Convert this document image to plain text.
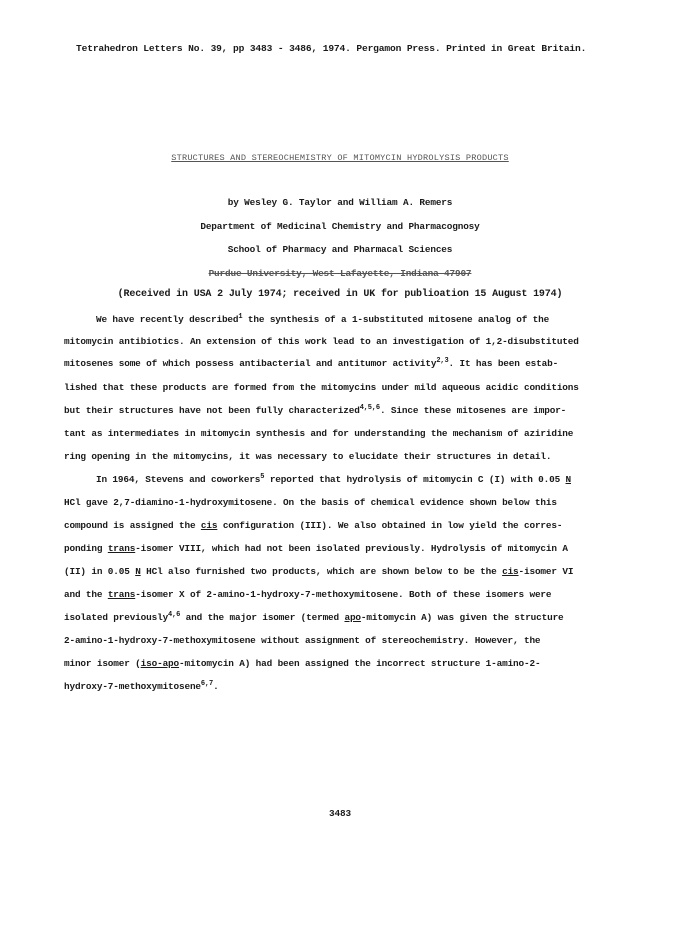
Tetrahedron Letters No. 39, pp 3483 - 3486, 1974. Pergamon Press. Printed in Great Britain.
STRUCTURES AND STEREOCHEMISTRY OF MITOMYCIN HYDROLYSIS PRODUCTS
by Wesley G. Taylor and William A. Remers
Department of Medicinal Chemistry and Pharmacognosy
School of Pharmacy and Pharmacal Sciences
Purdue University, West Lafayette, Indiana 47907
(Received in USA 2 July 1974; received in UK for publioation 15 August 1974)
We have recently described$^1$ the synthesis of a 1-substituted mitosene analog of the
mitomycin antibiotics. An extension of this work lead to an investigation of 1,2-disubstituted
mitosenes some of which possess antibacterial and antitumor activity$^{2,3}$. It has been estab-
lished that these products are formed from the mitomycins under mild aqueous acidic conditions
but their structures have not been fully characterized$^{4,5,6}$. Since these mitosenes are impor-
tant as intermediates in mitomycin synthesis and for understanding the mechanism of aziridine
ring opening in the mitomycins, it was necessary to elucidate their structures in detail.
In 1964, Stevens and coworkers$^5$ reported that hydrolysis of mitomycin C (I) with 0.05 N
HCl gave 2,7-diamino-1-hydroxymitosene. On the basis of chemical evidence shown below this
compound is assigned the cis configuration (III). We also obtained in low yield the corres-
ponding trans-isomer VIII, which had not been isolated previously. Hydrolysis of mitomycin A
(II) in 0.05 N HCl also furnished two products, which are shown below to be the cis-isomer VI
and the trans-isomer X of 2-amino-1-hydroxy-7-methoxymitosene. Both of these isomers were
isolated previously$^{4,6}$ and the major isomer (termed apo-mitomycin A) was given the structure
2-amino-1-hydroxy-7-methoxymitosene without assignment of stereochemistry. However, the
minor isomer (iso-apo-mitomycin A) had been assigned the incorrect structure 1-amino-2-
hydroxy-7-methoxymitosene$^{6,7}$.
3483
